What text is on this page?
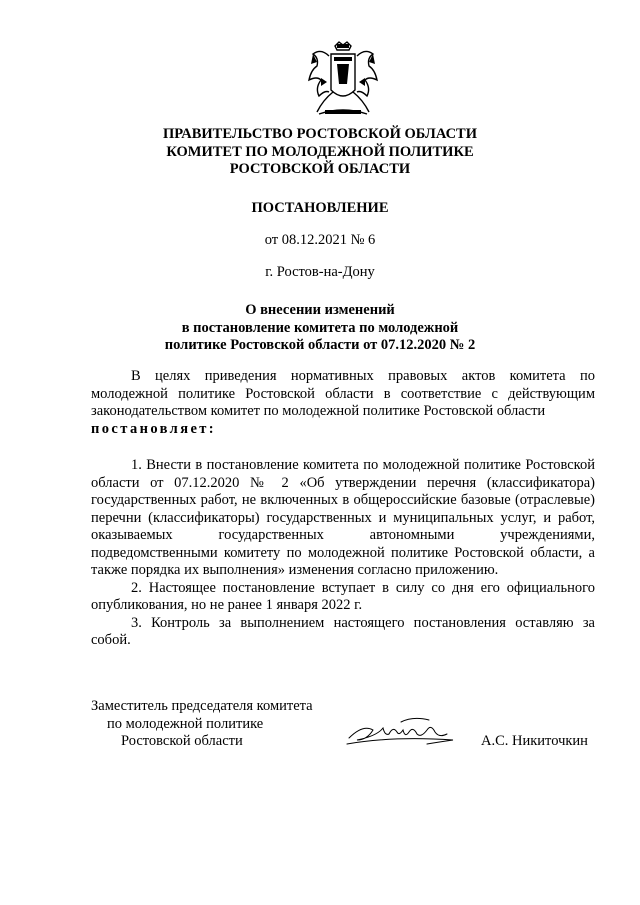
ПРАВИТЕЛЬСТВО РОСТОВСКОЙ ОБЛАСТИ
КОМИТЕТ ПО МОЛОДЕЖНОЙ ПОЛИТИКЕ
РОСТОВСКОЙ ОБЛАСТИ
ПОСТАНОВЛЕНИЕ
от 08.12.2021 № 6
г. Ростов-на-Дону
О внесении изменений
в постановление комитета по молодежной
политике Ростовской области от 07.12.2020 № 2

В целях приведения нормативных правовых актов комитета по молодежной политике Ростовской области в соответствие с действующим законодательством комитет по молодежной политике Ростовской области

постановляет:

1. Внести в постановление комитета по молодежной политике Ростовской области от 07.12.2020 № 2 «Об утверждении перечня (классификатора) государственных работ, не включенных в общероссийские базовые (отраслевые) перечни (классификаторы) государственных и муниципальных услуг, и работ, оказываемых государственных автономными учреждениями, подведомственными комитету по молодежной политике Ростовской области, а также порядка их выполнения» изменения согласно приложению.

2. Настоящее постановление вступает в силу со дня его официального опубликования, но не ранее 1 января 2022 г.

3. Контроль за выполнением настоящего постановления оставляю за собой.

Заместитель председателя комитета
по молодежной политике
Ростовской области	А.С. Никиточкин
